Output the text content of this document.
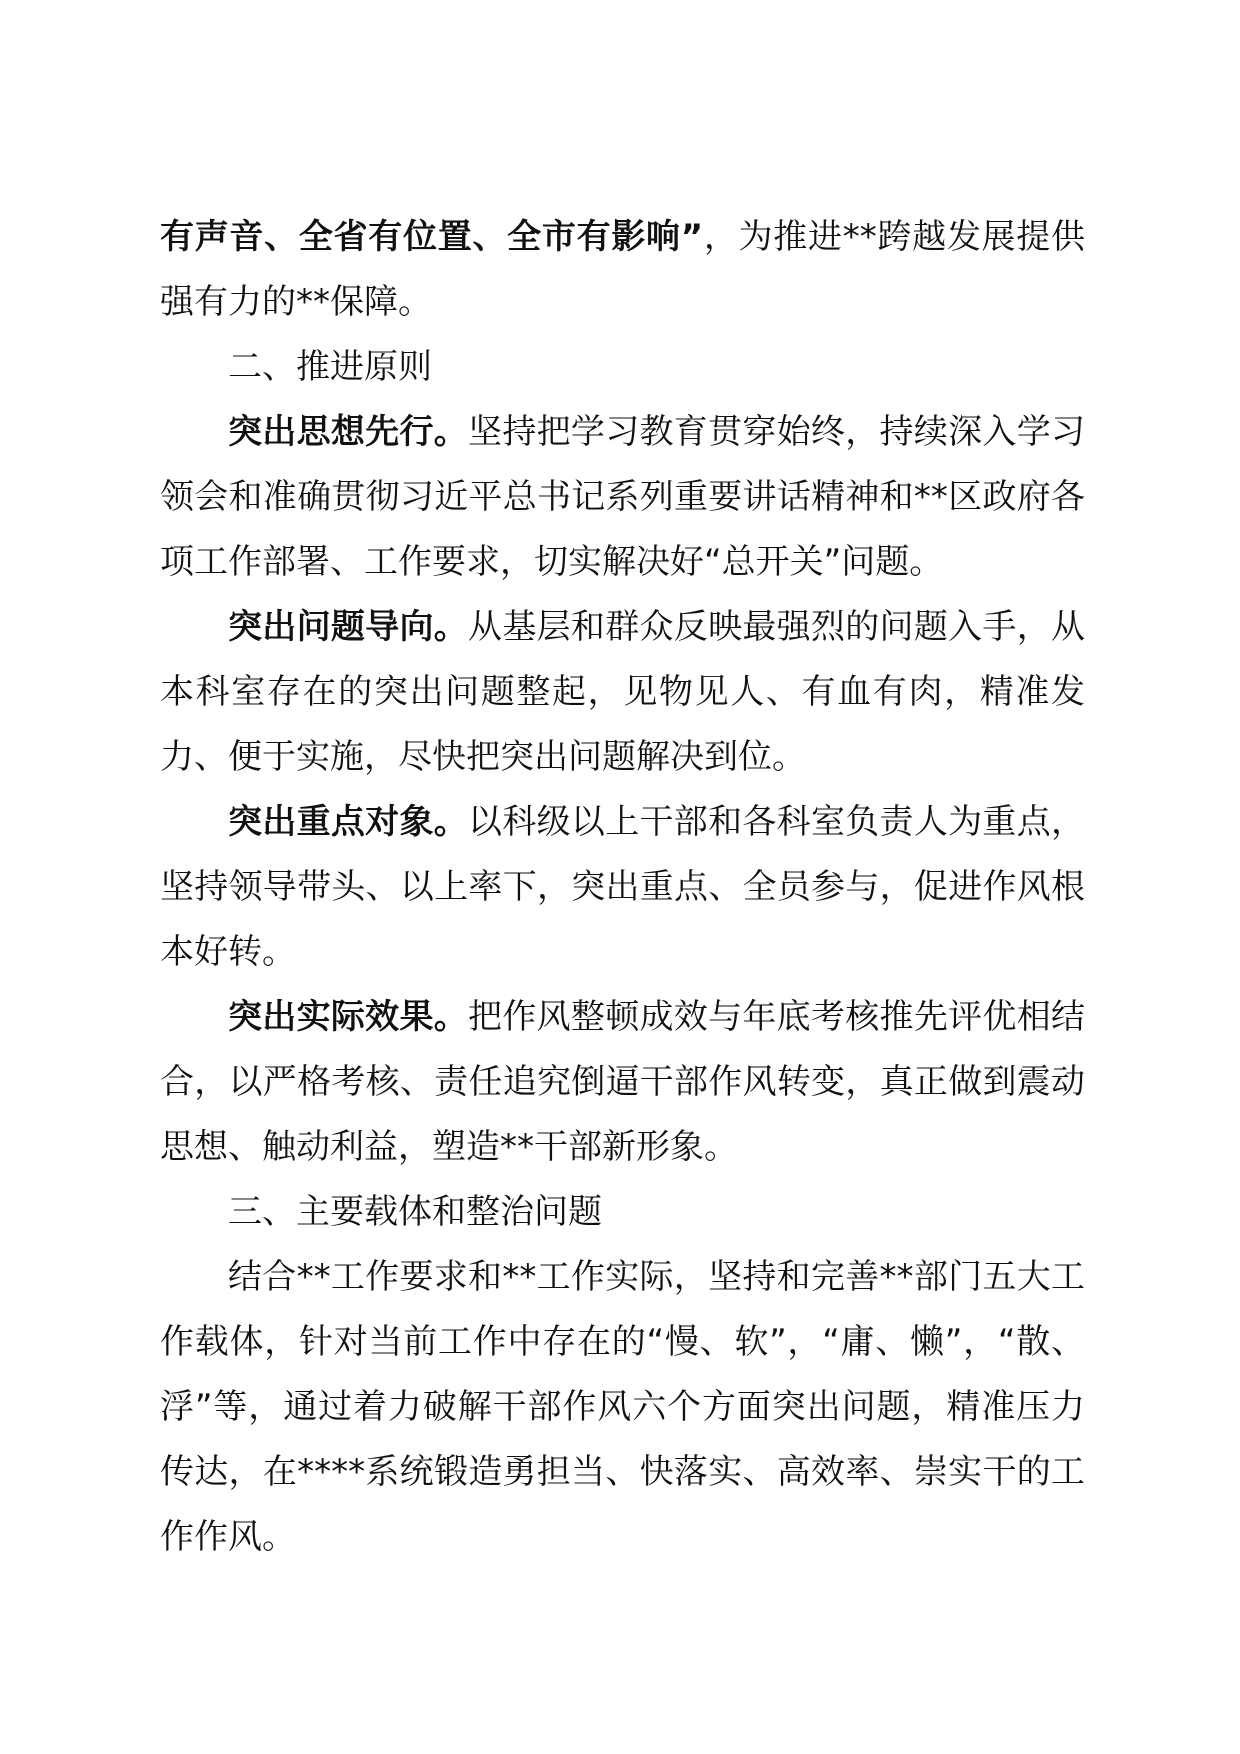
有声音、全省有位置、全市有影响”，为推进**跨越发展提供强有力的**保障。

二、推进原则

突出思想先行。坚持把学习教育贯穿始终，持续深入学习领会和准确贯彻习近平总书记系列重要讲话精神和**区政府各项工作部署、工作要求，切实解决好“总开关”问题。

突出问题导向。从基层和群众反映最强烈的问题入手，从本科室存在的突出问题整起，见物见人、有血有肉，精准发力、便于实施，尽快把突出问题解决到位。

突出重点对象。以科级以上干部和各科室负责人为重点，坚持领导带头、以上率下，突出重点、全员参与，促进作风根本好转。

突出实际效果。把作风整顿成效与年底考核推先评优相结合，以严格考核、责任追究倒逼干部作风转变，真正做到震动思想、触动利益，塑造**干部新形象。

三、主要载体和整治问题

结合**工作要求和**工作实际，坚持和完善**部门五大工作载体，针对当前工作中存在的“慢、软”，“庸、懒”，“散、浮”等，通过着力破解干部作风六个方面突出问题，精准压力传达，在****系统锻造勇担当、快落实、高效率、崇实干的工作作风。
